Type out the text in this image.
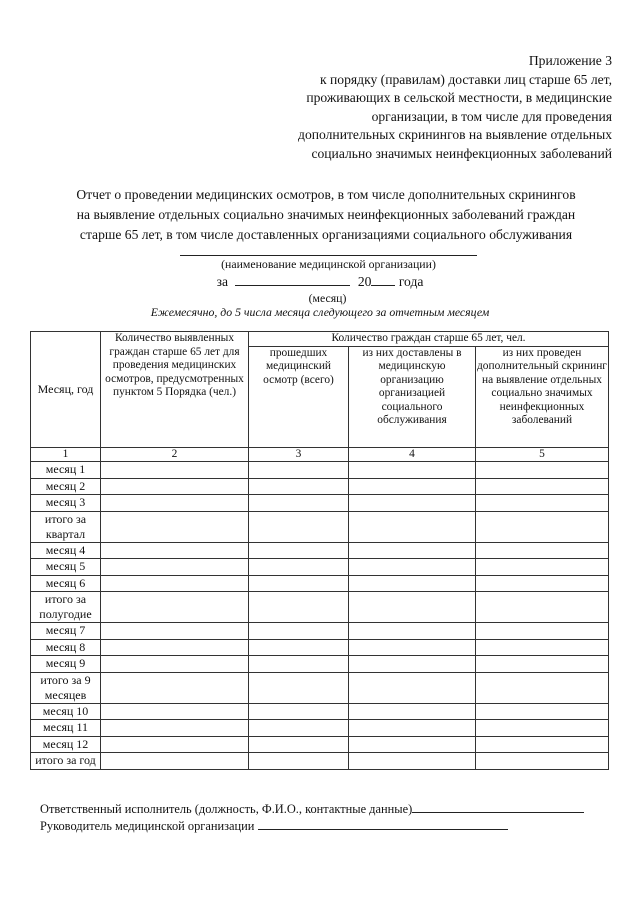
Приложение 3
к порядку (правилам) доставки лиц старше 65 лет,
проживающих в сельской местности, в медицинские
организации, в том числе для проведения
дополнительных скринингов на выявление отдельных
социально значимых неинфекционных заболеваний
Отчет о проведении медицинских осмотров, в том числе дополнительных скринингов
на выявление отдельных социально значимых неинфекционных заболеваний граждан
старше 65 лет, в том числе доставленных организациями социального обслуживания
(наименование медицинской организации)
за	20 года
(месяц)
Ежемесячно, до 5 числа месяца следующего за отчетным месяцем
Месяц, год	Количество выявленных граждан старше 65 лет для проведения медицинских осмотров, предусмотренных пунктом 5 Порядка (чел.)	Количество граждан старше 65 лет, чел.		
		прошедших медицинский осмотр (всего)	из них доставлены в медицинскую организацию организацией социального обслуживания	из них проведен дополнительный скрининг на выявление отдельных социально значимых неинфекционных заболеваний
1	2	3	4	5
месяц 1				
месяц 2				
месяц 3				
итого за квартал				
месяц 4				
месяц 5				
месяц 6				
итого за полугодие				
месяц 7				
месяц 8				
месяц 9				
итого за 9 месяцев				
месяц 10				
месяц 11				
месяц 12				
итого за год				
Ответственный исполнитель (должность, Ф.И.О., контактные данные)
Руководитель медицинской организации
